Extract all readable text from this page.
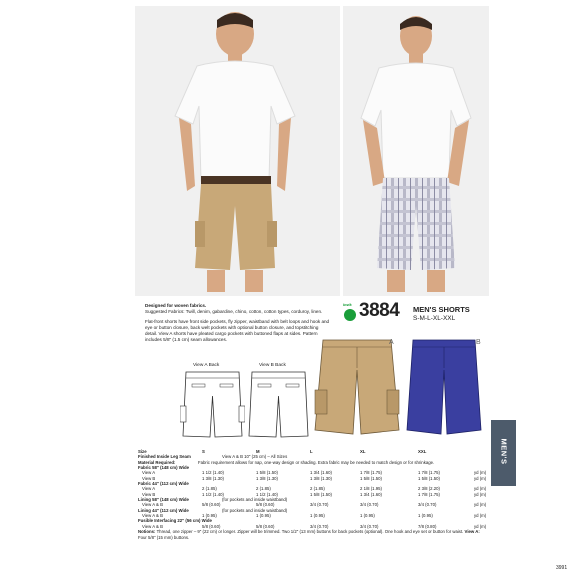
Designed for woven fabrics.
Suggested Fabrics: Twill, denim, gabardine, chino, cotton, cotton types, corduroy, linen.

Flat-front shorts have front side pockets, fly zipper, waistband with belt loops and hook and eye or button closure, back welt pockets with optional button closure, and topstitching detail. View A shorts have pleated cargo pockets with buttoned flaps at sides. Pattern includes 5/8" (1.5 cm) seam allowances.

kwik 3884 MEN'S SHORTS
S-M-L-XL-XXL
View A Back	View B Back
A	B
MEN'S
Size	S	M	L	XL	XXL
Finished Inside Leg Seam	View A & B 10" (25 cm) – All Sizes
Material Required:	Fabric requirement allows for nap, one-way design or shading. Extra fabric may be needed to match design or for shrinkage.
Fabric 58" (148 cm) Wide
View A	1 1/2 (1.40)	1 5/8 (1.50)	1 3/4 (1.60)	1 7/8 (1.75)	1 7/8 (1.75)	yd (m)
View B	1 3/8 (1.30)	1 3/8 (1.30)	1 3/8 (1.30)	1 5/8 (1.50)	1 5/8 (1.50)	yd (m)
Fabric 44" (112 cm) Wide
View A	2 (1.85)	2 (1.85)	2 (1.85)	2 1/8 (1.95)	2 3/8 (2.20)	yd (m)
View B	1 1/2 (1.40)	1 1/2 (1.40)	1 5/8 (1.50)	1 3/4 (1.60)	1 7/8 (1.75)	yd (m)
Lining 58" (148 cm) Wide	(for pockets and inside waistband)
View A & B	5/8 (0.60)	5/8 (0.60)	3/4 (0.70)	3/4 (0.70)	3/4 (0.70)	yd (m)
Lining 44" (112 cm) Wide	(for pockets and inside waistband)
View A & B	1 (0.95)	1 (0.95)	1 (0.95)	1 (0.95)	1 (0.95)	yd (m)
Fusible Interfacing 22" (56 cm) Wide
View A & B	5/8 (0.60)	5/8 (0.60)	3/4 (0.70)	3/4 (0.70)	7/8 (0.80)	yd (m)
Notions: Thread, one zipper – 9" (22 cm) or longer. Zipper will be trimmed. Two 1/2" (13 mm) buttons for back pockets (optional). One hook and eye set or button for waist. View A: Four 5/8" (15 mm) buttons.
3991
